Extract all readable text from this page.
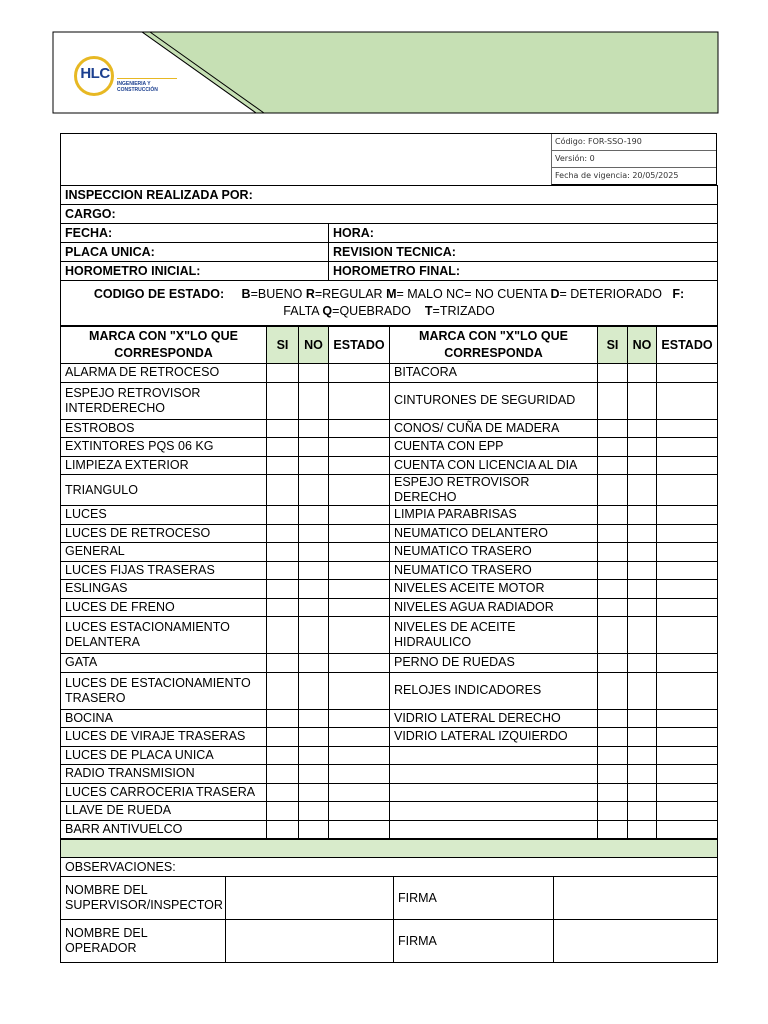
HLC
INGENIERIA Y CONSTRUCCIÓN
Código: FOR-SSO-190
Versión: 0
Fecha de vigencia: 20/05/2025
INSPECCION REALIZADA POR:	
CARGO:	
FECHA:	HORA:
PLACA UNICA:	REVISION TECNICA:
HOROMETRO INICIAL:	HOROMETRO FINAL:
CODIGO DE ESTADO: B=BUENO R=REGULAR M= MALO NC= NO CUENTA D= DETERIORADO F:
FALTA Q=QUEBRADO T=TRIZADO	
MARCA CON "X"LO QUE CORRESPONDA	SI	NO	ESTADO	MARCA CON "X"LO QUE CORRESPONDA	SI	NO	ESTADO
ALARMA DE RETROCESO				BITACORA			
ESPEJO RETROVISOR INTERDERECHO				CINTURONES DE SEGURIDAD			
ESTROBOS				CONOS/ CUÑA DE MADERA			
EXTINTORES PQS 06 KG				CUENTA CON EPP			
LIMPIEZA EXTERIOR				CUENTA CON LICENCIA AL DIA			
TRIANGULO				ESPEJO RETROVISOR DERECHO			
LUCES				LIMPIA PARABRISAS			
LUCES DE RETROCESO				NEUMATICO DELANTERO			
GENERAL				NEUMATICO TRASERO			
LUCES FIJAS TRASERAS				NEUMATICO TRASERO			
ESLINGAS				NIVELES ACEITE MOTOR			
LUCES DE FRENO				NIVELES AGUA RADIADOR			
LUCES ESTACIONAMIENTO DELANTERA				NIVELES DE ACEITE HIDRAULICO			
GATA				PERNO DE RUEDAS			
LUCES DE ESTACIONAMIENTO TRASERO				RELOJES INDICADORES			
BOCINA				VIDRIO LATERAL DERECHO			
LUCES DE VIRAJE TRASERAS				VIDRIO LATERAL IZQUIERDO			
LUCES DE PLACA UNICA							
RADIO TRANSMISION							
LUCES CARROCERIA TRASERA							
LLAVE DE RUEDA							
BARR ANTIVUELCO							

OBSERVACIONES:			
NOMBRE DEL SUPERVISOR/INSPECTOR		FIRMA	
NOMBRE DEL OPERADOR		FIRMA	
